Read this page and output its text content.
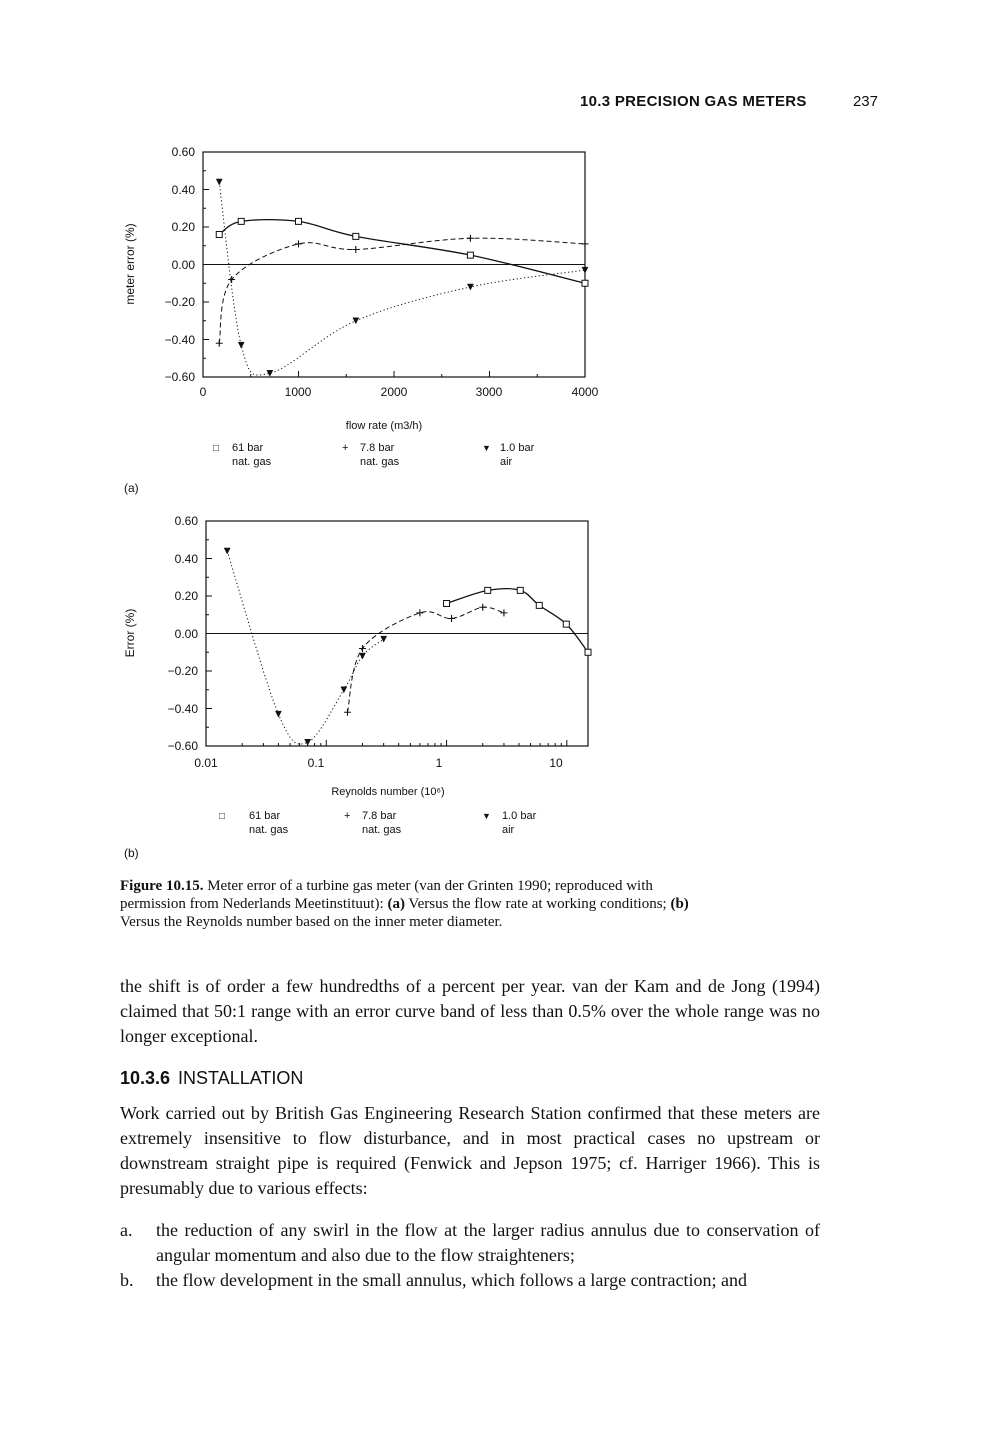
10.3 PRECISION GAS METERS	237
0.60
0.40
0.20
0.00
−0.20
−0.40
−0.60
0	1000	2000	3000	4000
meter error (%)
flow rate (m3/h)
□ 61 bar
nat. gas
+ 7.8 bar
nat. gas
▼ 1.0 bar
air
(a)
0.60
0.40
0.20
0.00
−0.20
−0.40
−0.60
0.01	0.1	1	10
Error (%)
Reynolds number (10⁶)
□ 61 bar
nat. gas
+ 7.8 bar
nat. gas
▼ 1.0 bar
air
(b)
Figure 10.15. Meter error of a turbine gas meter (van der Grinten 1990; reproduced with permission from Nederlands Meetinstituut): (a) Versus the flow rate at working conditions; (b) Versus the Reynolds number based on the inner meter diameter.
the shift is of order a few hundredths of a percent per year. van der Kam and de Jong (1994) claimed that 50:1 range with an error curve band of less than 0.5% over the whole range was no longer exceptional.
10.3.6 INSTALLATION
Work carried out by British Gas Engineering Research Station confirmed that these meters are extremely insensitive to flow disturbance, and in most practical cases no upstream or downstream straight pipe is required (Fenwick and Jepson 1975; cf. Harriger 1966). This is presumably due to various effects:
a. the reduction of any swirl in the flow at the larger radius annulus due to conservation of angular momentum and also due to the flow straighteners;
b. the flow development in the small annulus, which follows a large contraction; and
